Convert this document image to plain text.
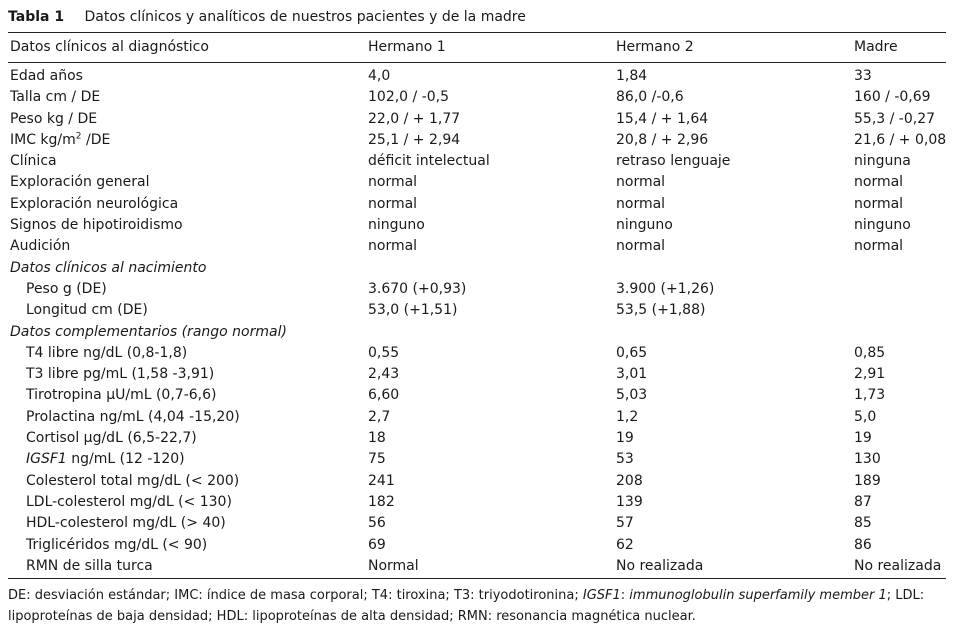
Tabla 1 Datos clínicos y analíticos de nuestros pacientes y de la madre
Datos clínicos al diagnóstico	Hermano 1	Hermano 2	Madre
Edad años	4,0	1,84	33
Talla cm / DE	102,0 / -0,5	86,0 /-0,6	160 / -0,69
Peso kg / DE	22,0 / + 1,77	15,4 / + 1,64	55,3 / -0,27
IMC $kg/m^2$ /DE	25,1 / + 2,94	20,8 / + 2,96	21,6 / + 0,08
Clínica	déficit intelectual	retraso lenguaje	ninguna
Exploración general	normal	normal	normal
Exploración neurológica	normal	normal	normal
Signos de hipotiroidismo	ninguno	ninguno	ninguno
Audición	normal	normal	normal
Datos clínicos al nacimiento
Peso g (DE)	3.670 (+0,93)	3.900 (+1,26)
Longitud cm (DE)	53,0 (+1,51)	53,5 (+1,88)
Datos complementarios (rango normal)
T4 libre ng/dL (0,8-1,8)	0,55	0,65	0,85
T3 libre pg/mL (1,58 -3,91)	2,43	3,01	2,91
Tirotropina μU/mL (0,7-6,6)	6,60	5,03	1,73
Prolactina ng/mL (4,04 -15,20)	2,7	1,2	5,0
Cortisol μg/dL (6,5-22,7)	18	19	19
IGSF1 ng/mL (12 -120)	75	53	130
Colesterol total mg/dL (< 200)	241	208	189
LDL-colesterol mg/dL (< 130)	182	139	87
HDL-colesterol mg/dL (> 40)	56	57	85
Triglicéridos mg/dL (< 90)	69	62	86
RMN de silla turca	Normal	No realizada	No realizada
DE: desviación estándar; IMC: índice de masa corporal; T4: tiroxina; T3: triyodotironina; IGSF1: immunoglobulin superfamily member 1; LDL: lipoproteínas de baja densidad; HDL: lipoproteínas de alta densidad; RMN: resonancia magnética nuclear.
